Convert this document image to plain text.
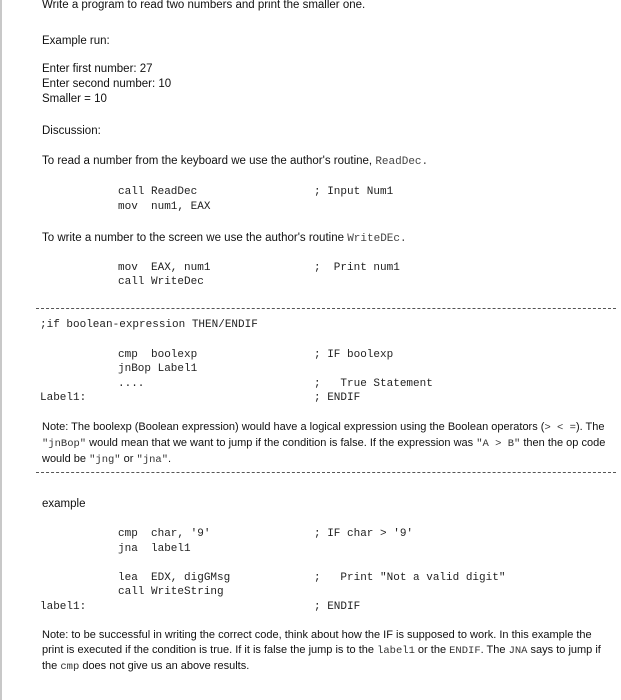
Write a program to read two numbers and print the smaller one.
Example run:
Enter first number: 27
Enter second number: 10
Smaller = 10
Discussion:
To read a number from the keyboard we use the author's routine, ReadDec.
call ReadDec	; Input Num1
mov  num1, EAX
To write a number to the screen we use the author's routine WriteDEc.
mov  EAX, num1	;  Print num1
call WriteDec
;if boolean-expression THEN/ENDIF
cmp  boolexp	; IF boolexp
jnBop Label1
....	;   True Statement
Label1:	; ENDIF
Note: The boolexp (Boolean expression) would have a logical expression using the Boolean operators (> < =). The "jnBop" would mean that we want to jump if the condition is false. If the expression was "A > B" then the op code would be "jng" or "jna".
example
cmp  char, '9'	; IF char > '9'
jna  label1
lea  EDX, digGMsg	;   Print "Not a valid digit"
call WriteString
label1:	; ENDIF
Note: to be successful in writing the correct code, think about how the IF is supposed to work. In this example the print is executed if the condition is true. If it is false the jump is to the label1 or the ENDIF. The JNA says to jump if the cmp does not give us an above results.
